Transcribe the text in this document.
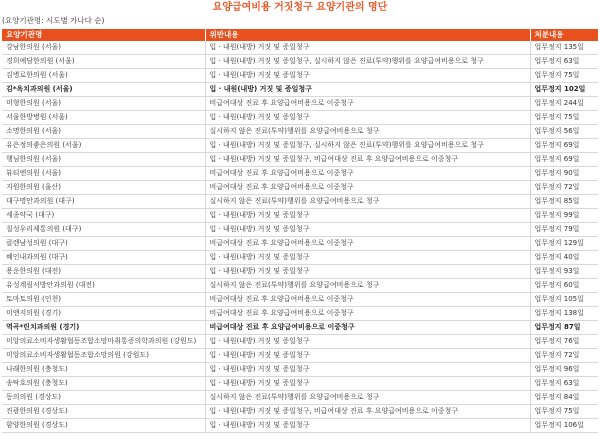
요양급여비용 거짓청구 요양기관의 명단
(요양기관명: 시도별 가나다 순)
요양기관명	위반내용	처분내용
강남한의원 (서울)	입 · 내원(내방) 거짓 및 증일청구	업무정지 135일
경희예담한의원 (서울)	입 · 내원(내방) 거짓 및 증일청구, 실시하지 않은 진료(투약)행위를 요양급여비용으로 청구	업무정지 63일
김병로한의원 (서울)	입 · 내원(내방) 거짓 및 증일청구	업무정지 75일
김*옥치과의원 (서울)	입 · 내원(내방) 거짓 및 증일청구	업무정지 102일
미형한의원 (서울)	비급여대상 진료 후 요양급여비용으로 이중청구	업무정지 244일
서울한방병원 (서울)	입 · 내원(내방) 거짓 및 증일청구	업무정지 75일
소명한의원 (서울)	실시하지 않은 진료(투약)행위를 요양급여비용으로 청구	업무정지 56일
유은정의좋은의원 (서울)	입 · 내원(내방) 거짓 및 증일청구, 실시하지 않은 진료(투약)행위를 요양급여비용으로 청구	업무정지 69일
행님한의원 (서울)	입 · 내원(내방) 거짓 및 증일청구, 비급여대상 진료 후 요양급여비용으로 이중청구	업무정지 69일
뷰티엔의원 (서울)	비급여대상 진료 후 요양급여비용으로 이중청구	업무정지 90일
지원한의원 (울산)	비급여대상 진료 후 요양급여비용으로 이중청구	업무정지 72일
대구명안과의원 (대구)	실시하지 않은 진료(투약)행위를 요양급여비용으로 청구	업무정지 85일
세종약국 (대구)	입 · 내원(내방) 거짓 및 증일청구	업무정지 99일
칠성우리제통의원 (대구)	입 · 내원(내방) 거짓 및 증일청구	업무정지 79일
클렌남성의원 (대구)	비급여대상 진료 후 요양급여비용으로 이중청구	업무정지 129일
혜인내과의원 (대구)	입 · 내원(내방) 거짓 및 증일청구	업무정지 40일
용운한의원 (대전)	입 · 내원(내방) 거짓 및 증일청구	업무정지 93일
유성계림서방안과의원 (대전)	실시하지 않은 진료(투약)행위를 요양급여비용으로 청구	업무정지 60일
토마토의원 (인천)	비급여대상 진료 후 요양급여비용으로 이중청구	업무정지 105일
미앤지의원 (경기)	비급여대상 진료 후 요양급여비용으로 이중청구	업무정지 138일
역곡*린치과의원 (경기)	비급여대상 진료 후 요양급여비용으로 이중청구	업무정지 87일
미앙의료소비자생활협동조합소망마취통증의학과의원 (강원도)	입 · 내원(내방) 거짓 및 증일청구	업무정지 76일
미앙의료소비자생활협동조합소망의원 (강원도)	입 · 내원(내방) 거짓 및 증일청구	업무정지 72일
나래한의원 (충청도)	입 · 내원(내방) 거짓 및 증일청구	업무정지 96일
송탁호의원 (충청도)	입 · 내원(내방) 거짓 및 증일청구	업무정지 63일
동의의원 (경상도)	실시하지 않은 진료(투약)행위를 요양급여비용으로 청구	업무정지 84일
진광한의원 (경상도)	입 · 내원(내방) 거짓 및 증일청구, 비급여대상 진료 후 요양급여비용으로 이중청구	업무정지 75일
함양한의원 (경상도)	입 · 내원(내방) 거짓 및 증일청구	업무정지 106일
